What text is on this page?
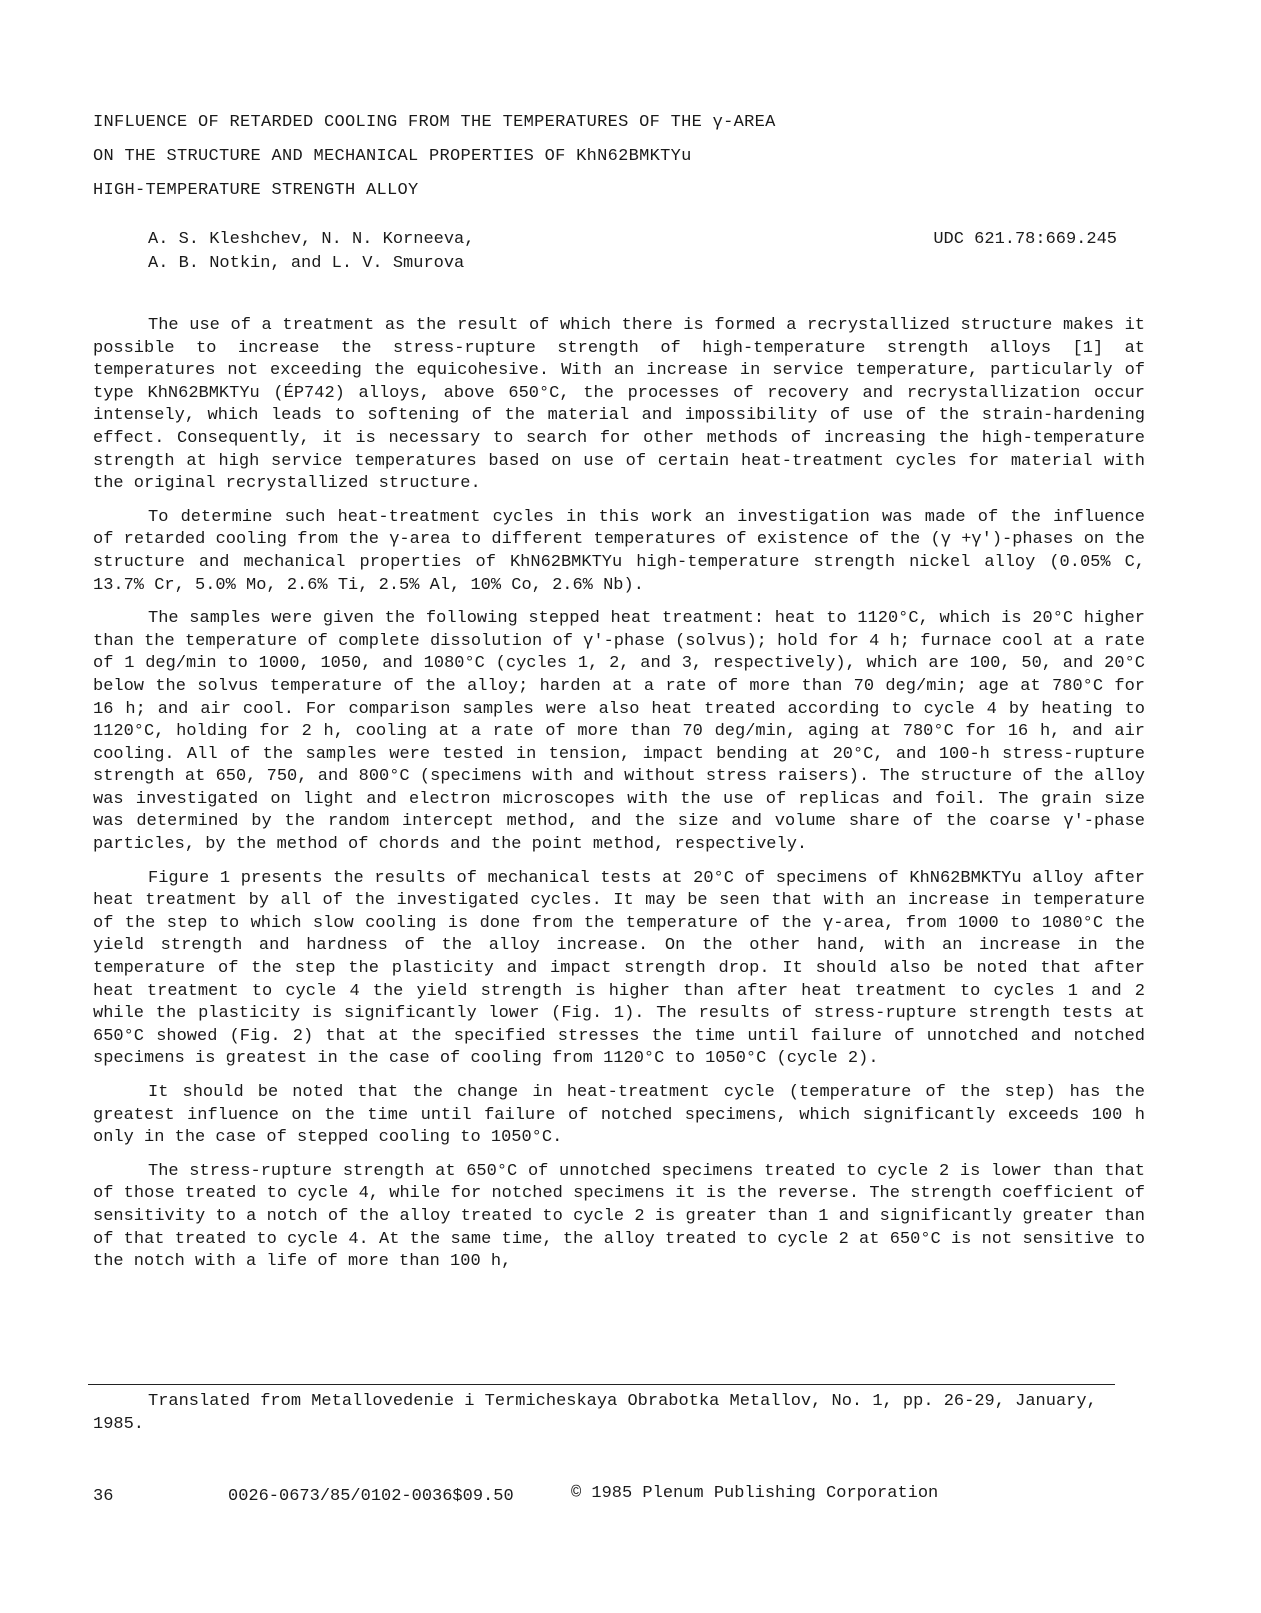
INFLUENCE OF RETARDED COOLING FROM THE TEMPERATURES OF THE γ-AREA
ON THE STRUCTURE AND MECHANICAL PROPERTIES OF KhN62BMKTYu
HIGH-TEMPERATURE STRENGTH ALLOY
A. S. Kleshchev, N. N. Korneeva,
A. B. Notkin, and L. V. Smurova
UDC 621.78:669.245

The use of a treatment as the result of which there is formed a recrystallized structure makes it possible to increase the stress-rupture strength of high-temperature strength alloys [1] at temperatures not exceeding the equicohesive. With an increase in service temperature, particularly of type KhN62BMKTYu (ÉP742) alloys, above 650°C, the processes of recovery and recrystallization occur intensely, which leads to softening of the material and impossibility of use of the strain-hardening effect. Consequently, it is necessary to search for other methods of increasing the high-temperature strength at high service temperatures based on use of certain heat-treatment cycles for material with the original recrystallized structure.

To determine such heat-treatment cycles in this work an investigation was made of the influence of retarded cooling from the γ-area to different temperatures of existence of the (γ +γ')-phases on the structure and mechanical properties of KhN62BMKTYu high-temperature strength nickel alloy (0.05% C, 13.7% Cr, 5.0% Mo, 2.6% Ti, 2.5% Al, 10% Co, 2.6% Nb).

The samples were given the following stepped heat treatment: heat to 1120°C, which is 20°C higher than the temperature of complete dissolution of γ'-phase (solvus); hold for 4 h; furnace cool at a rate of 1 deg/min to 1000, 1050, and 1080°C (cycles 1, 2, and 3, respectively), which are 100, 50, and 20°C below the solvus temperature of the alloy; harden at a rate of more than 70 deg/min; age at 780°C for 16 h; and air cool. For comparison samples were also heat treated according to cycle 4 by heating to 1120°C, holding for 2 h, cooling at a rate of more than 70 deg/min, aging at 780°C for 16 h, and air cooling. All of the samples were tested in tension, impact bending at 20°C, and 100-h stress-rupture strength at 650, 750, and 800°C (specimens with and without stress raisers). The structure of the alloy was investigated on light and electron microscopes with the use of replicas and foil. The grain size was determined by the random intercept method, and the size and volume share of the coarse γ'-phase particles, by the method of chords and the point method, respectively.

Figure 1 presents the results of mechanical tests at 20°C of specimens of KhN62BMKTYu alloy after heat treatment by all of the investigated cycles. It may be seen that with an increase in temperature of the step to which slow cooling is done from the temperature of the γ-area, from 1000 to 1080°C the yield strength and hardness of the alloy increase. On the other hand, with an increase in the temperature of the step the plasticity and impact strength drop. It should also be noted that after heat treatment to cycle 4 the yield strength is higher than after heat treatment to cycles 1 and 2 while the plasticity is significantly lower (Fig. 1). The results of stress-rupture strength tests at 650°C showed (Fig. 2) that at the specified stresses the time until failure of unnotched and notched specimens is greatest in the case of cooling from 1120°C to 1050°C (cycle 2).

It should be noted that the change in heat-treatment cycle (temperature of the step) has the greatest influence on the time until failure of notched specimens, which significantly exceeds 100 h only in the case of stepped cooling to 1050°C.

The stress-rupture strength at 650°C of unnotched specimens treated to cycle 2 is lower than that of those treated to cycle 4, while for notched specimens it is the reverse. The strength coefficient of sensitivity to a notch of the alloy treated to cycle 2 is greater than 1 and significantly greater than of that treated to cycle 4. At the same time, the alloy treated to cycle 2 at 650°C is not sensitive to the notch with a life of more than 100 h,

Translated from Metallovedenie i Termicheskaya Obrabotka Metallov, No. 1, pp. 26-29, January, 1985.
36	0026-0673/85/0102-0036$09.50	© 1985 Plenum Publishing Corporation
